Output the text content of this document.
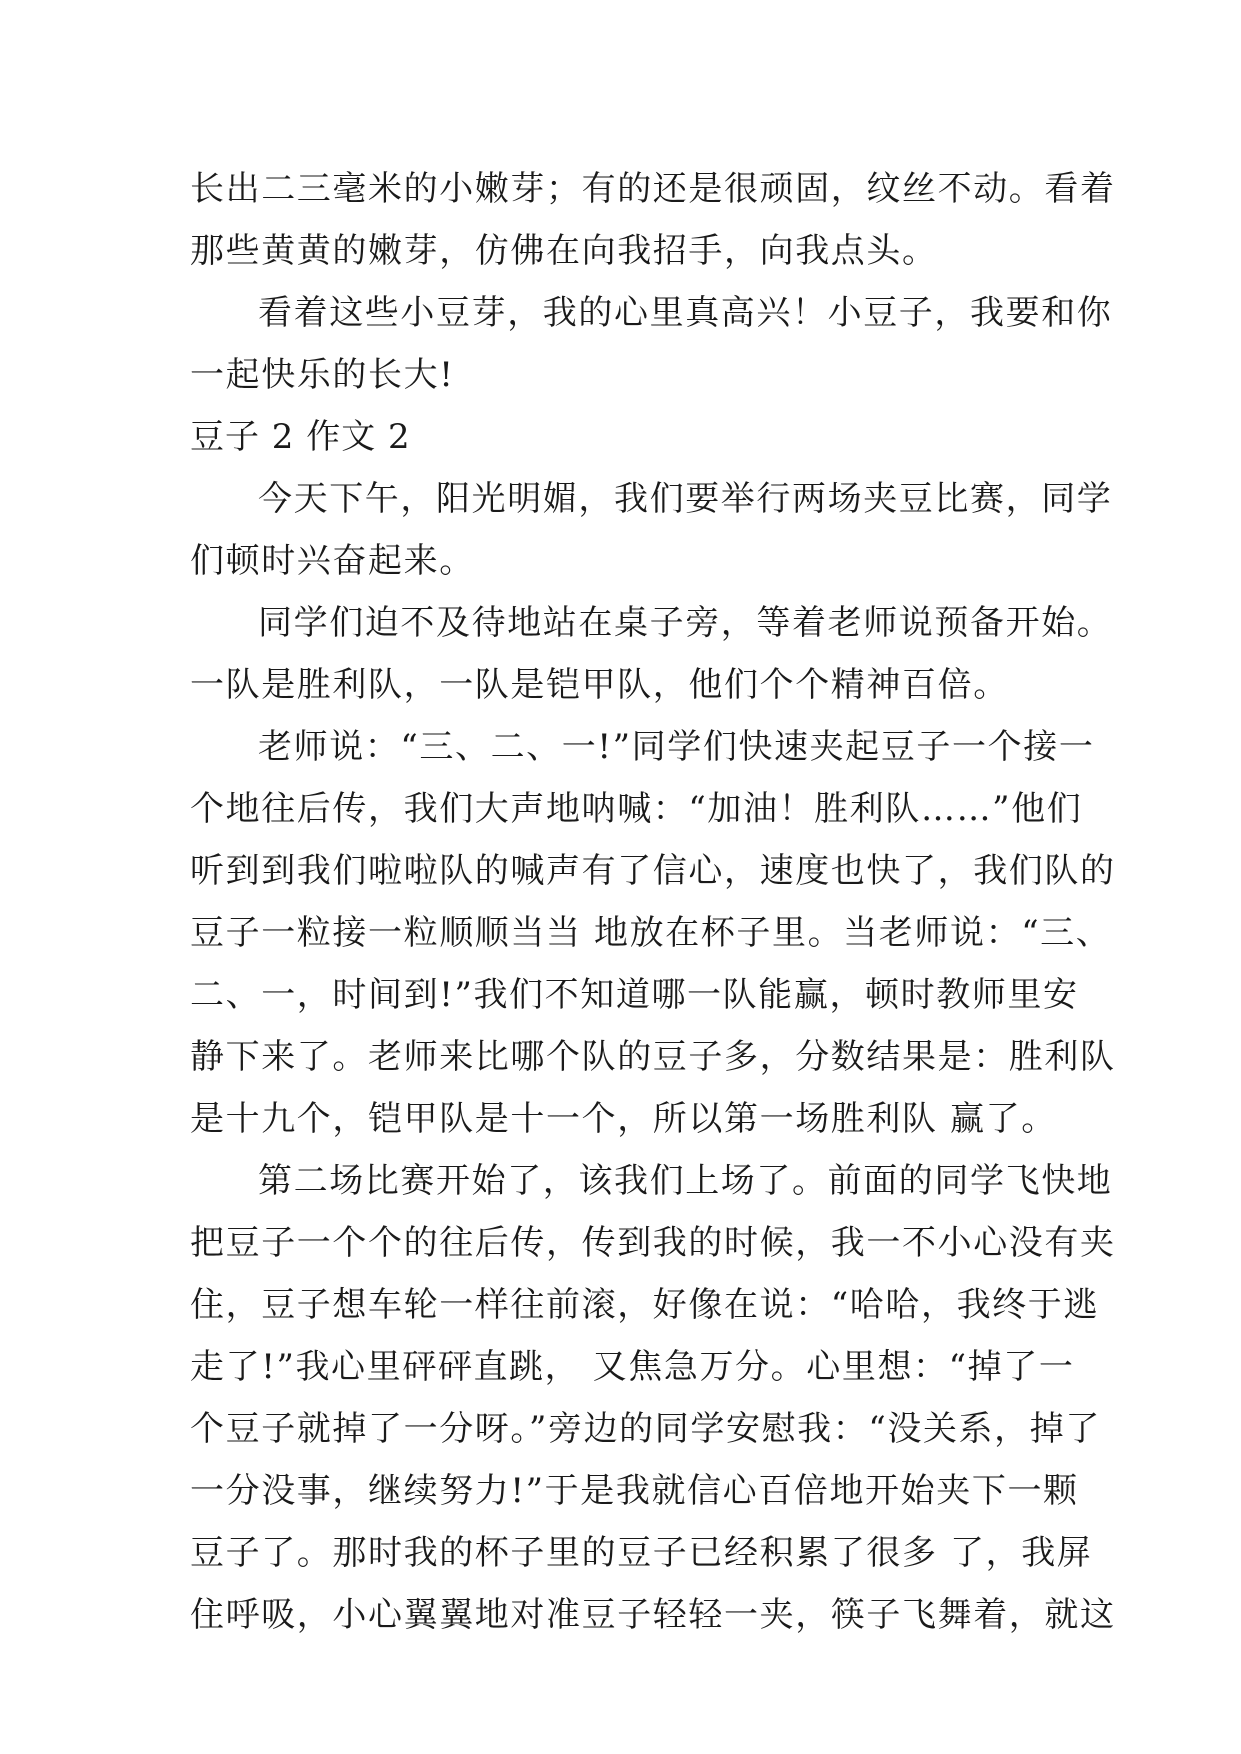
长出二三毫米的小嫩芽；有的还是很顽固，纹丝不动。看着
那些黄黄的嫩芽，仿佛在向我招手，向我点头。
看着这些小豆芽，我的心里真高兴！小豆子，我要和你
一起快乐的长大!
豆子 2 作文 2
今天下午，阳光明媚，我们要举行两场夹豆比赛，同学
们顿时兴奋起来。
同学们迫不及待地站在桌子旁，等着老师说预备开始。
一队是胜利队，一队是铠甲队，他们个个精神百倍。
老师说：“三、二、一!”同学们快速夹起豆子一个接一
个地往后传，我们大声地呐喊：“加油！胜利队……”他们
听到到我们啦啦队的喊声有了信心，速度也快了，我们队的
豆子一粒接一粒顺顺当当 地放在杯子里。当老师说：“三、
二、一，时间到!”我们不知道哪一队能赢，顿时教师里安
静下来了。老师来比哪个队的豆子多，分数结果是：胜利队
是十九个，铠甲队是十一个，所以第一场胜利队 赢了。
第二场比赛开始了，该我们上场了。前面的同学飞快地
把豆子一个个的往后传，传到我的时候，我一不小心没有夹
住，豆子想车轮一样往前滚，好像在说：“哈哈，我终于逃
走了!”我心里砰砰直跳， 又焦急万分。心里想：“掉了一
个豆子就掉了一分呀。”旁边的同学安慰我：“没关系，掉了
一分没事，继续努力!”于是我就信心百倍地开始夹下一颗
豆子了。那时我的杯子里的豆子已经积累了很多 了，我屏
住呼吸，小心翼翼地对准豆子轻轻一夹，筷子飞舞着，就这
